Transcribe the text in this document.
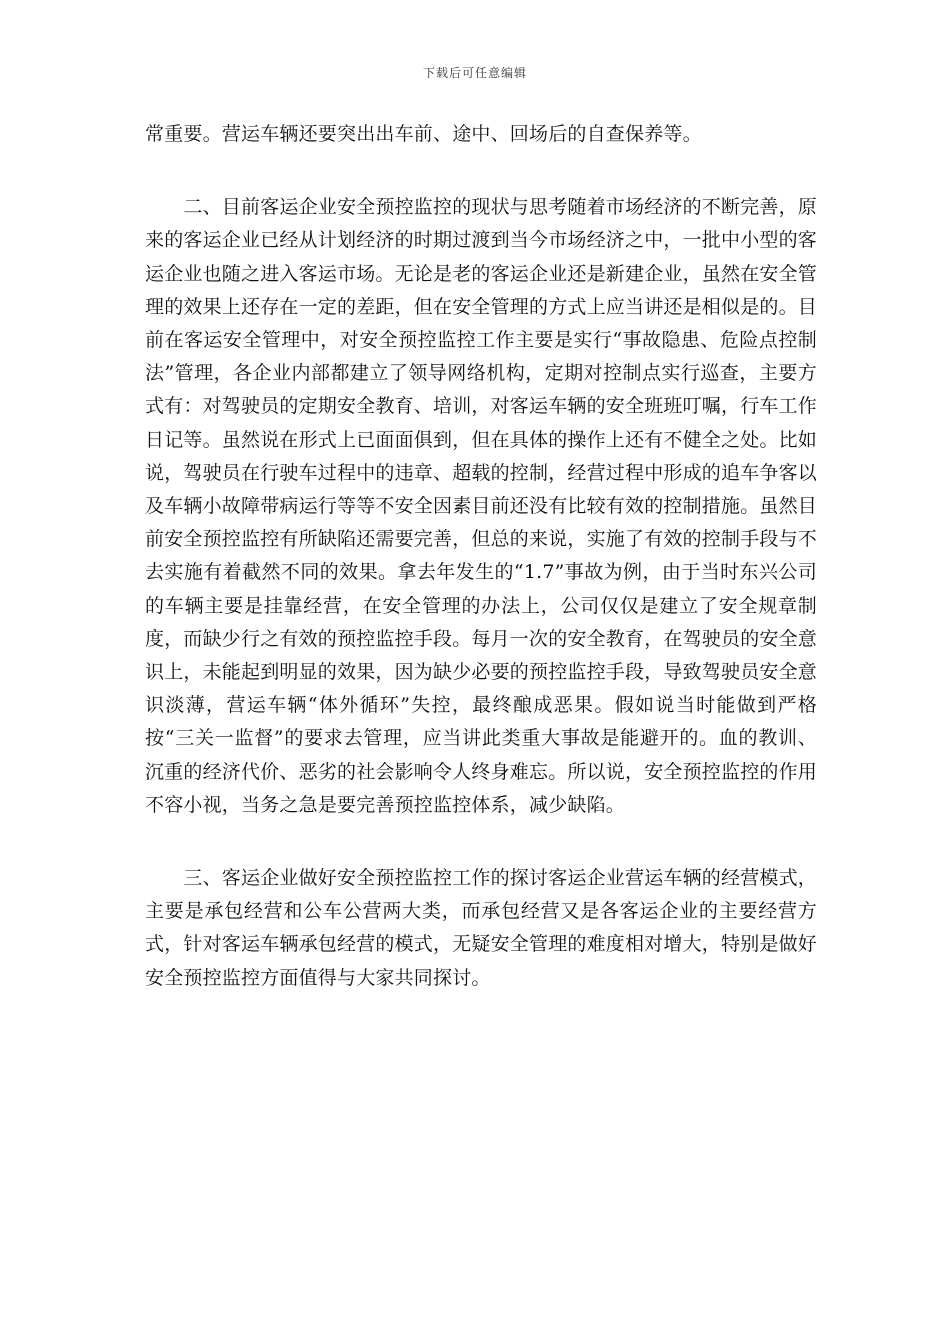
下载后可任意编辑

常重要。营运车辆还要突出出车前、途中、回场后的自查保养等。

　　二、目前客运企业安全预控监控的现状与思考随着市场经济的不断完善，原来的客运企业已经从计划经济的时期过渡到当今市场经济之中，一批中小型的客运企业也随之进入客运市场。无论是老的客运企业还是新建企业，虽然在安全管理的效果上还存在一定的差距，但在安全管理的方式上应当讲还是相似是的。目前在客运安全管理中，对安全预控监控工作主要是实行“事故隐患、危险点控制法”管理，各企业内部都建立了领导网络机构，定期对控制点实行巡查，主要方式有：对驾驶员的定期安全教育、培训，对客运车辆的安全班班叮嘱，行车工作日记等。虽然说在形式上已面面俱到，但在具体的操作上还有不健全之处。比如说，驾驶员在行驶车过程中的违章、超载的控制，经营过程中形成的追车争客以及车辆小故障带病运行等等不安全因素目前还没有比较有效的控制措施。虽然目前安全预控监控有所缺陷还需要完善，但总的来说，实施了有效的控制手段与不去实施有着截然不同的效果。拿去年发生的“1.7”事故为例，由于当时东兴公司的车辆主要是挂靠经营，在安全管理的办法上，公司仅仅是建立了安全规章制度，而缺少行之有效的预控监控手段。每月一次的安全教育，在驾驶员的安全意识上，未能起到明显的效果，因为缺少必要的预控监控手段，导致驾驶员安全意识淡薄，营运车辆“体外循环”失控，最终酿成恶果。假如说当时能做到严格按“三关一监督”的要求去管理，应当讲此类重大事故是能避开的。血的教训、沉重的经济代价、恶劣的社会影响令人终身难忘。所以说，安全预控监控的作用不容小视，当务之急是要完善预控监控体系，减少缺陷。

　　三、客运企业做好安全预控监控工作的探讨客运企业营运车辆的经营模式，主要是承包经营和公车公营两大类，而承包经营又是各客运企业的主要经营方式，针对客运车辆承包经营的模式，无疑安全管理的难度相对增大，特别是做好安全预控监控方面值得与大家共同探讨。
